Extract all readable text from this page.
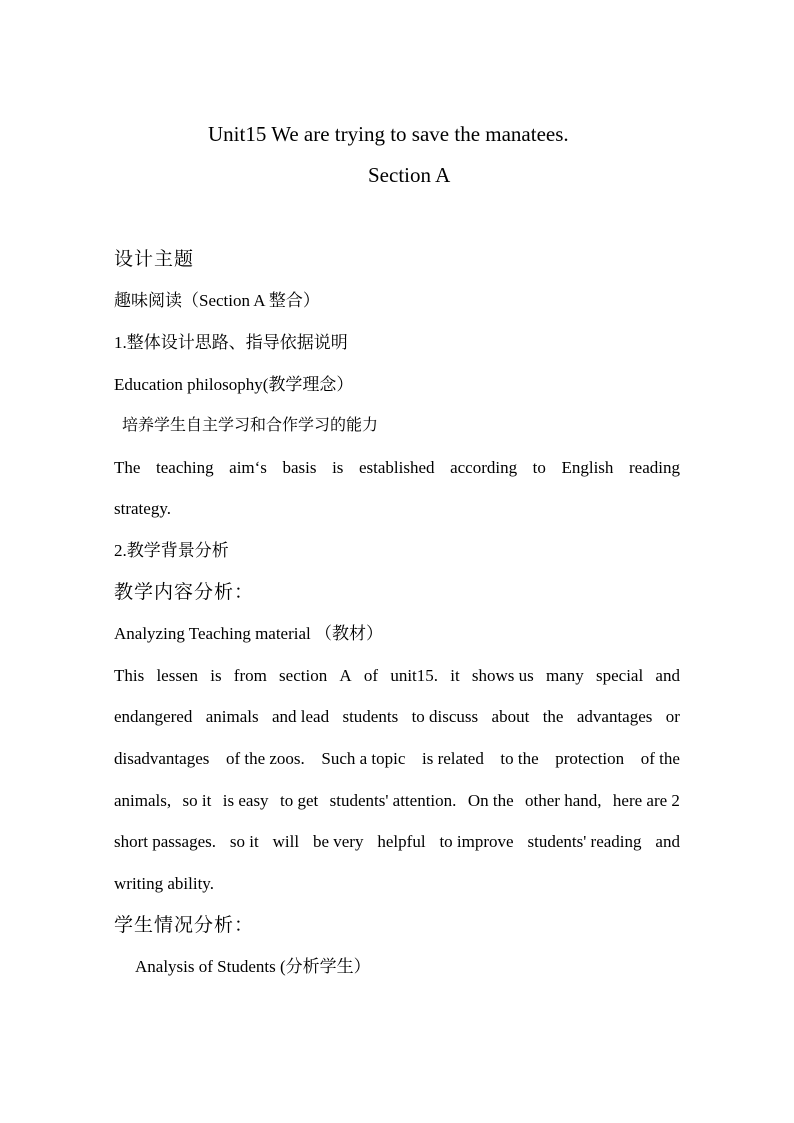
Unit15 We are trying to save the manatees.
Section A
设计主题
趣味阅读（Section A 整合）
1.整体设计思路、指导依据说明
Education philosophy(教学理念）
培养学生自主学习和合作学习的能力
The teaching aim‘s basis is established according to English reading
strategy.
2.教学背景分析
教学内容分析：
Analyzing Teaching material （教材）
This lessen is from section A of unit15. it shows us many special and
endangered animals and lead students to discuss about the advantages or
disadvantages of the zoos. Such a topic is related to the protection of the
animals, so it is easy to get students' attention. On the other hand, here are 2
short passages. so it will be very helpful to improve students' reading and
writing ability.
学生情况分析：
Analysis of Students (分析学生）
